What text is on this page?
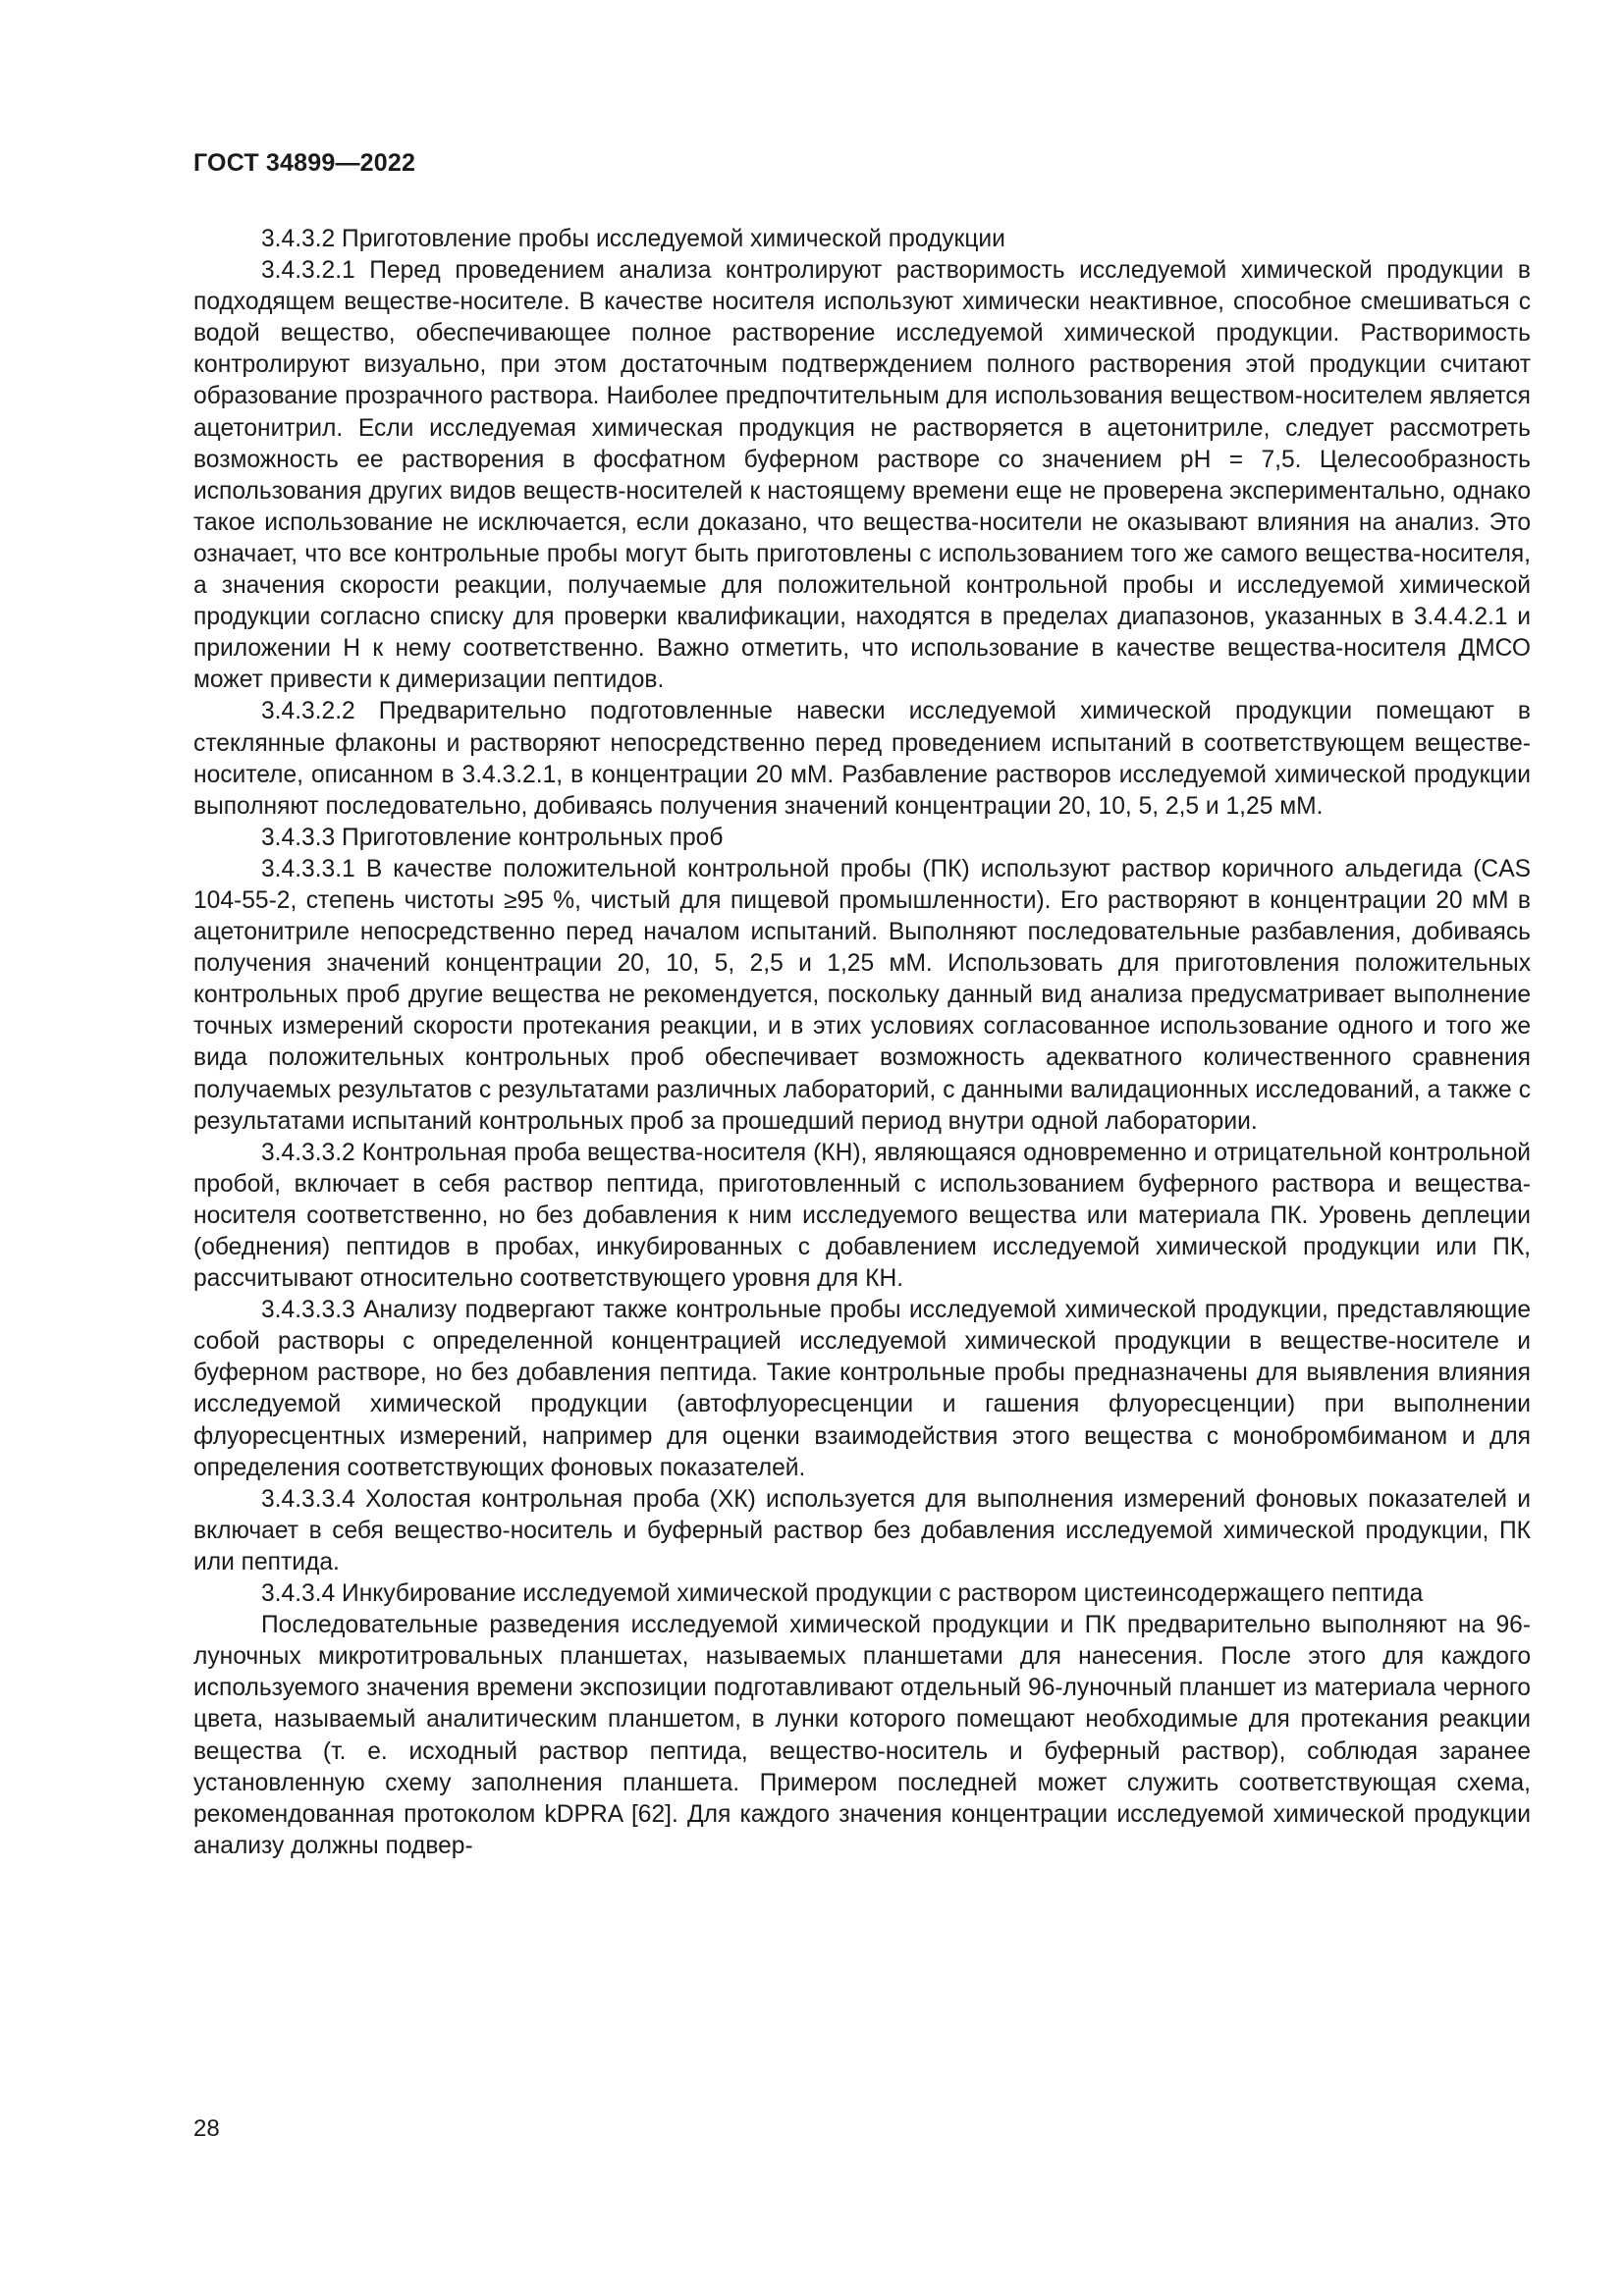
ГОСТ 34899—2022

3.4.3.2 Приготовление пробы исследуемой химической продукции

3.4.3.2.1 Перед проведением анализа контролируют растворимость исследуемой химической продукции в подходящем веществе-носителе. В качестве носителя используют химически неактивное, способное смешиваться с водой вещество, обеспечивающее полное растворение исследуемой химической продукции. Растворимость контролируют визуально, при этом достаточным подтверждением полного растворения этой продукции считают образование прозрачного раствора. Наиболее предпочтительным для использования веществом-носителем является ацетонитрил. Если исследуемая химическая продукция не растворяется в ацетонитриле, следует рассмотреть возможность ее растворения в фосфатном буферном растворе со значением pH = 7,5. Целесообразность использования других видов веществ-носителей к настоящему времени еще не проверена экспериментально, однако такое использование не исключается, если доказано, что вещества-носители не оказывают влияния на анализ. Это означает, что все контрольные пробы могут быть приготовлены с использованием того же самого вещества-носителя, а значения скорости реакции, получаемые для положительной контрольной пробы и исследуемой химической продукции согласно списку для проверки квалификации, находятся в пределах диапазонов, указанных в 3.4.4.2.1 и приложении Н к нему соответственно. Важно отметить, что использование в качестве вещества-носителя ДМСО может привести к димеризации пептидов.

3.4.3.2.2 Предварительно подготовленные навески исследуемой химической продукции помещают в стеклянные флаконы и растворяют непосредственно перед проведением испытаний в соответствующем веществе-носителе, описанном в 3.4.3.2.1, в концентрации 20 мМ. Разбавление растворов исследуемой химической продукции выполняют последовательно, добиваясь получения значений концентрации 20, 10, 5, 2,5 и 1,25 мМ.

3.4.3.3 Приготовление контрольных проб

3.4.3.3.1 В качестве положительной контрольной пробы (ПК) используют раствор коричного альдегида (CAS 104-55-2, степень чистоты ≥95 %, чистый для пищевой промышленности). Его растворяют в концентрации 20 мМ в ацетонитриле непосредственно перед началом испытаний. Выполняют последовательные разбавления, добиваясь получения значений концентрации 20, 10, 5, 2,5 и 1,25 мМ. Использовать для приготовления положительных контрольных проб другие вещества не рекомендуется, поскольку данный вид анализа предусматривает выполнение точных измерений скорости протекания реакции, и в этих условиях согласованное использование одного и того же вида положительных контрольных проб обеспечивает возможность адекватного количественного сравнения получаемых результатов с результатами различных лабораторий, с данными валидационных исследований, а также с результатами испытаний контрольных проб за прошедший период внутри одной лаборатории.

3.4.3.3.2 Контрольная проба вещества-носителя (КН), являющаяся одновременно и отрицательной контрольной пробой, включает в себя раствор пептида, приготовленный с использованием буферного раствора и вещества-носителя соответственно, но без добавления к ним исследуемого вещества или материала ПК. Уровень деплеции (обеднения) пептидов в пробах, инкубированных с добавлением исследуемой химической продукции или ПК, рассчитывают относительно соответствующего уровня для КН.

3.4.3.3.3 Анализу подвергают также контрольные пробы исследуемой химической продукции, представляющие собой растворы с определенной концентрацией исследуемой химической продукции в веществе-носителе и буферном растворе, но без добавления пептида. Такие контрольные пробы предназначены для выявления влияния исследуемой химической продукции (автофлуоресценции и гашения флуоресценции) при выполнении флуоресцентных измерений, например для оценки взаимодействия этого вещества с монобромбиманом и для определения соответствующих фоновых показателей.

3.4.3.3.4 Холостая контрольная проба (ХК) используется для выполнения измерений фоновых показателей и включает в себя вещество-носитель и буферный раствор без добавления исследуемой химической продукции, ПК или пептида.

3.4.3.4 Инкубирование исследуемой химической продукции с раствором цистеинсодержащего пептида

Последовательные разведения исследуемой химической продукции и ПК предварительно выполняют на 96-луночных микротитровальных планшетах, называемых планшетами для нанесения. После этого для каждого используемого значения времени экспозиции подготавливают отдельный 96-луночный планшет из материала черного цвета, называемый аналитическим планшетом, в лунки которого помещают необходимые для протекания реакции вещества (т. е. исходный раствор пептида, вещество-носитель и буферный раствор), соблюдая заранее установленную схему заполнения планшета. Примером последней может служить соответствующая схема, рекомендованная протоколом kDPRA [62]. Для каждого значения концентрации исследуемой химической продукции анализу должны подвер-

28
